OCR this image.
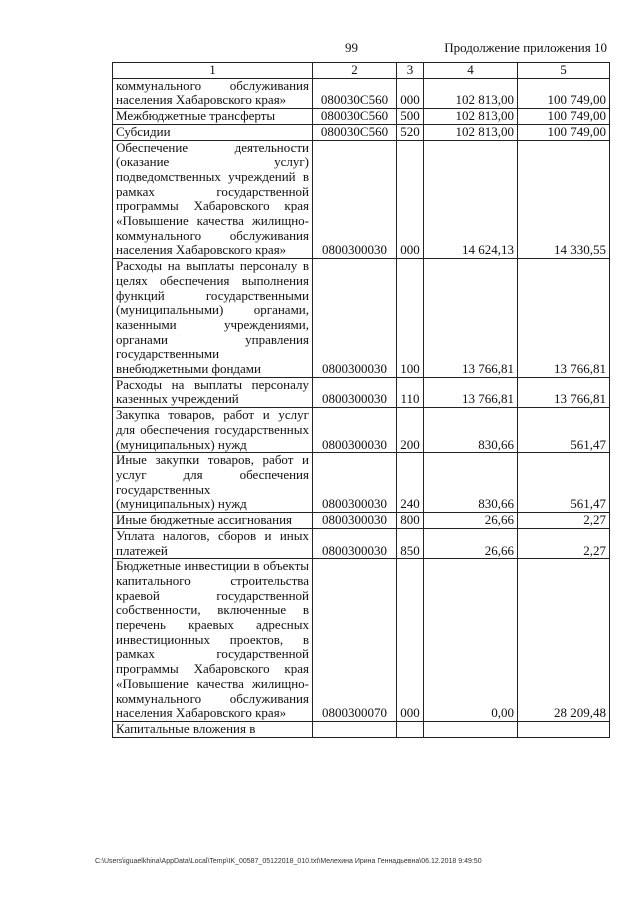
99	Продолжение приложения 10
1	2	3	4	5
коммунального обслуживания населения Хабаровского края»	080030С560	000	102 813,00	100 749,00
Межбюджетные трансферты	080030С560	500	102 813,00	100 749,00
Субсидии	080030С560	520	102 813,00	100 749,00
Обеспечение деятельности (оказание услуг) подведомственных учреждений в рамках государственной программы Хабаровского края «Повышение качества жилищно-коммунального обслуживания населения Хабаровского края»	0800300030	000	14 624,13	14 330,55
Расходы на выплаты персоналу в целях обеспечения выполнения функций государственными (муниципальными) органами, казенными учреждениями, органами управления государственными внебюджетными фондами	0800300030	100	13 766,81	13 766,81
Расходы на выплаты персоналу казенных учреждений	0800300030	110	13 766,81	13 766,81
Закупка товаров, работ и услуг для обеспечения государственных (муниципальных) нужд	0800300030	200	830,66	561,47
Иные закупки товаров, работ и услуг для обеспечения государственных (муниципальных) нужд	0800300030	240	830,66	561,47
Иные бюджетные ассигнования	0800300030	800	26,66	2,27
Уплата налогов, сборов и иных платежей	0800300030	850	26,66	2,27
Бюджетные инвестиции в объекты капитального строительства краевой государственной собственности, включенные в перечень краевых адресных инвестиционных проектов, в рамках государственной программы Хабаровского края «Повышение качества жилищно-коммунального обслуживания населения Хабаровского края»	0800300070	000	0,00	28 209,48
Капитальные вложения в				
C:\Users\iguaelkhina\AppData\Local\Temp\IK_00587_05122018_010.txt\Мелехина Ирина Геннадьевна\06.12.2018 9:49:50
